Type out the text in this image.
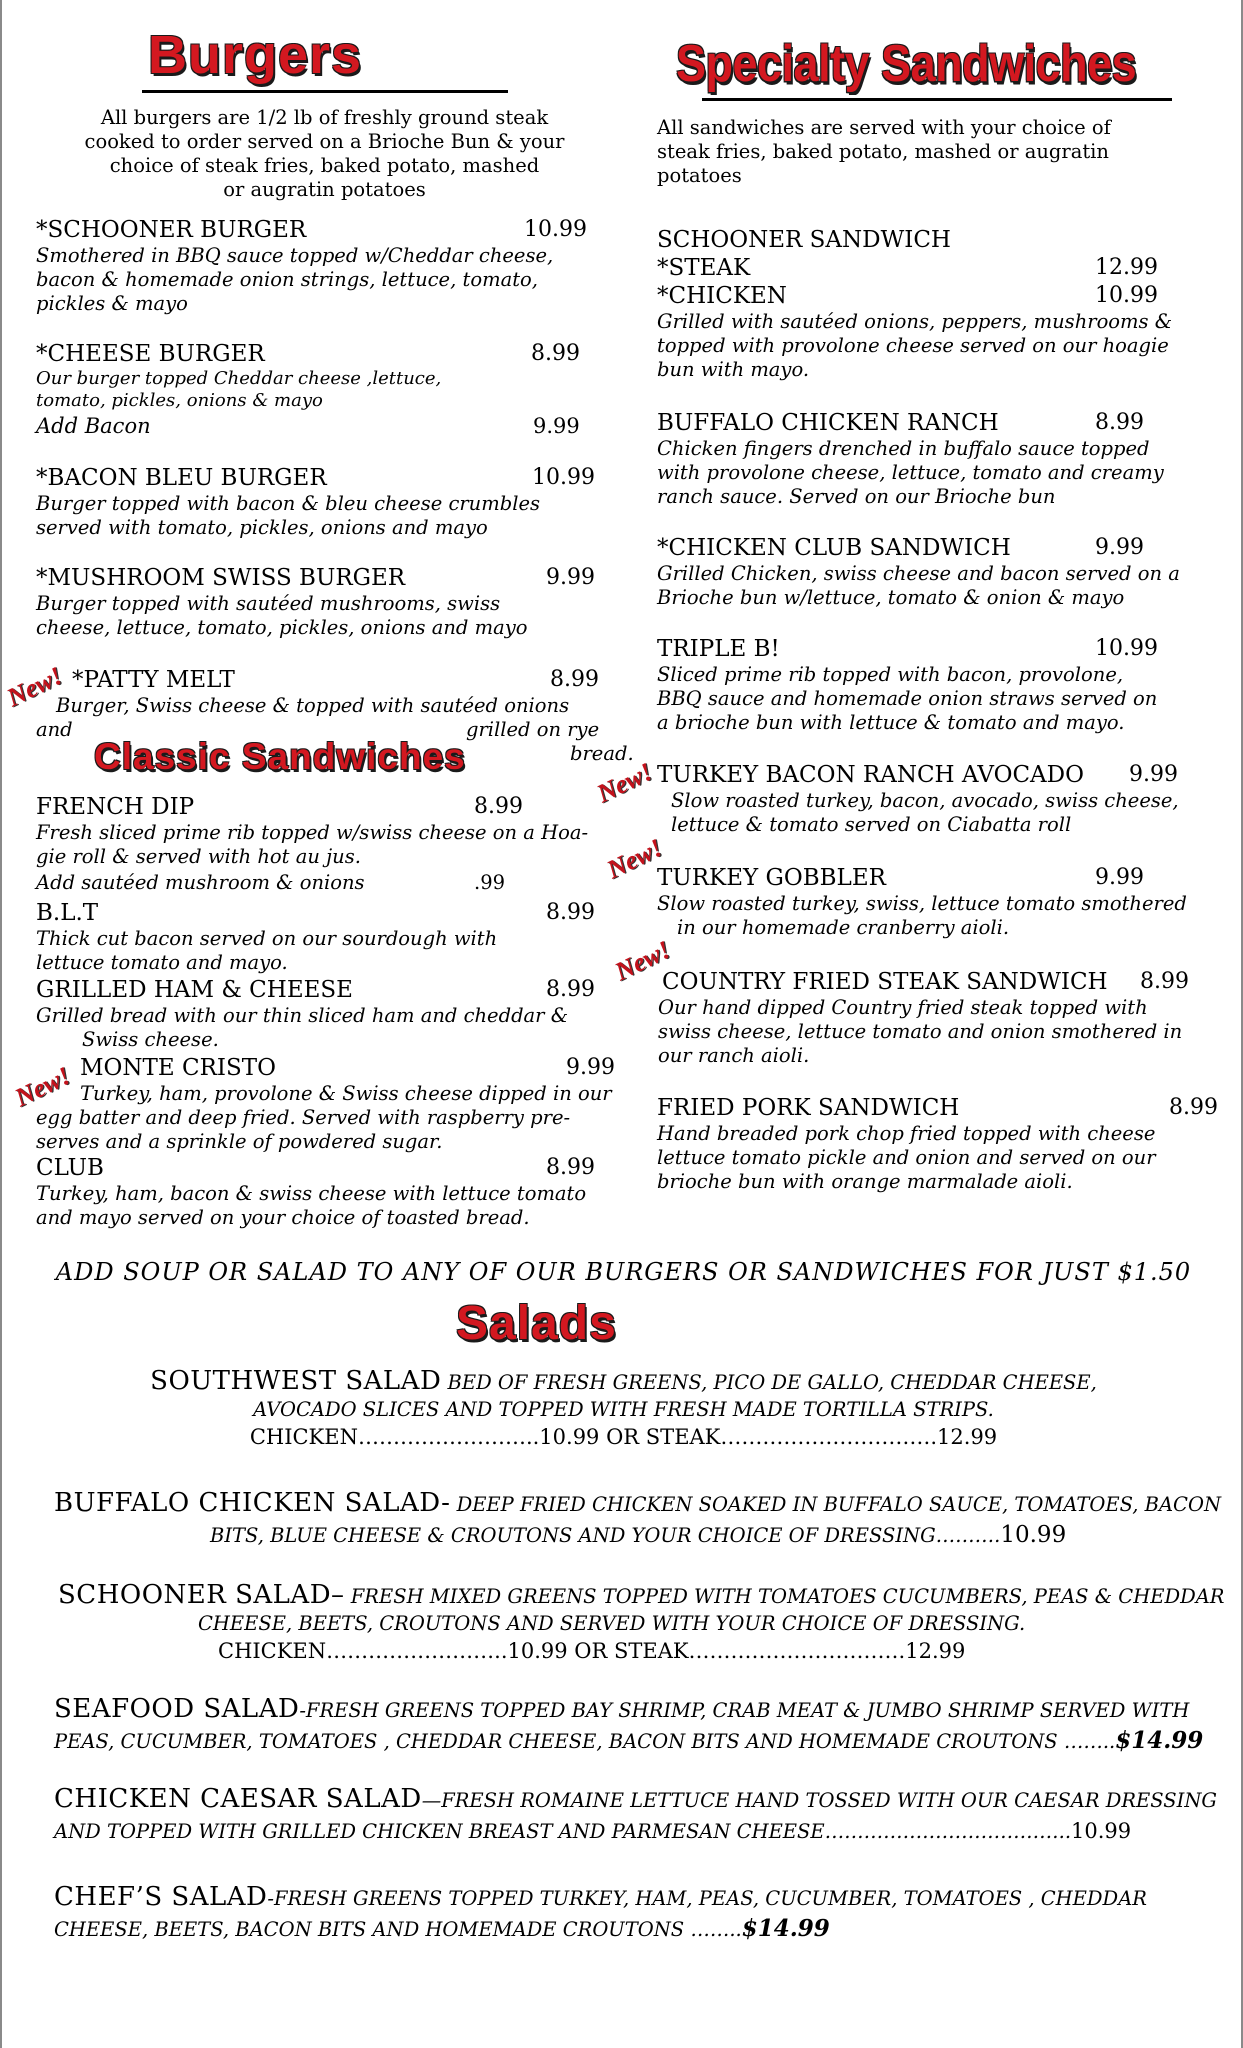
Burgers
All burgers are 1/2 lb of freshly ground steak
cooked to order served on a Brioche Bun & your
choice of steak fries, baked potato, mashed
or augratin potatoes
*SCHOONER BURGER	10.99
Smothered in BBQ sauce topped w/Cheddar cheese,
bacon & homemade onion strings, lettuce, tomato,
pickles & mayo
*CHEESE BURGER	8.99
Our burger topped Cheddar cheese ,lettuce,
tomato, pickles, onions & mayo
Add Bacon	9.99
*BACON BLEU BURGER	10.99
Burger topped with bacon & bleu cheese crumbles
served with tomato, pickles, onions and mayo
*MUSHROOM SWISS BURGER	9.99
Burger topped with sautéed mushrooms, swiss
cheese, lettuce, tomato, pickles, onions and mayo
New! *PATTY MELT	8.99
Burger, Swiss cheese & topped with sautéed onions
and	grilled on rye
bread.
Classic Sandwiches
FRENCH DIP	8.99
Fresh sliced prime rib topped w/swiss cheese on a Hoa-
gie roll & served with hot au jus.
Add sautéed mushroom & onions	.99
B.L.T	8.99
Thick cut bacon served on our sourdough with
lettuce tomato and mayo.
GRILLED HAM & CHEESE	8.99
Grilled bread with our thin sliced ham and cheddar &
Swiss cheese.
New! MONTE CRISTO	9.99
Turkey, ham, provolone & Swiss cheese dipped in our
egg batter and deep fried. Served with raspberry pre-
serves and a sprinkle of powdered sugar.
CLUB	8.99
Turkey, ham, bacon & swiss cheese with lettuce tomato
and mayo served on your choice of toasted bread.
Specialty Sandwiches
All sandwiches are served with your choice of
steak fries, baked potato, mashed or augratin
potatoes
SCHOONER SANDWICH
*STEAK	12.99
*CHICKEN	10.99
Grilled with sautéed onions, peppers, mushrooms &
topped with provolone cheese served on our hoagie
bun with mayo.
BUFFALO CHICKEN RANCH	8.99
Chicken fingers drenched in buffalo sauce topped
with provolone cheese, lettuce, tomato and creamy
ranch sauce. Served on our Brioche bun
*CHICKEN CLUB SANDWICH	9.99
Grilled Chicken, swiss cheese and bacon served on a
Brioche bun w/lettuce, tomato & onion & mayo
TRIPLE B!	10.99
Sliced prime rib topped with bacon, provolone,
BBQ sauce and homemade onion straws served on
a brioche bun with lettuce & tomato and mayo.
New! TURKEY BACON RANCH AVOCADO 9.99
Slow roasted turkey, bacon, avocado, swiss cheese,
lettuce & tomato served on Ciabatta roll
New!
TURKEY GOBBLER	9.99
Slow roasted turkey, swiss, lettuce tomato smothered
in our homemade cranberry aioli.
New!
COUNTRY FRIED STEAK SANDWICH 8.99
Our hand dipped Country fried steak topped with
swiss cheese, lettuce tomato and onion smothered in
our ranch aioli.
FRIED PORK SANDWICH	8.99
Hand breaded pork chop fried topped with cheese
lettuce tomato pickle and onion and served on our
brioche bun with orange marmalade aioli.
ADD SOUP OR SALAD TO ANY OF OUR BURGERS OR SANDWICHES FOR JUST $1.50
Salads
SOUTHWEST SALAD BED OF FRESH GREENS, PICO DE GALLO, CHEDDAR CHEESE,
AVOCADO SLICES AND TOPPED WITH FRESH MADE TORTILLA STRIPS.
CHICKEN……………………..10.99 OR STEAK………………………….12.99
BUFFALO CHICKEN SALAD- DEEP FRIED CHICKEN SOAKED IN BUFFALO SAUCE, TOMATOES, BACON
BITS, BLUE CHEESE & CROUTONS AND YOUR CHOICE OF DRESSING……….10.99
SCHOONER SALAD– FRESH MIXED GREENS TOPPED WITH TOMATOES CUCUMBERS, PEAS & CHEDDAR
CHEESE, BEETS, CROUTONS AND SERVED WITH YOUR CHOICE OF DRESSING.
CHICKEN……………………..10.99 OR STEAK………………………….12.99
SEAFOOD SALAD-FRESH GREENS TOPPED BAY SHRIMP, CRAB MEAT & JUMBO SHRIMP SERVED WITH
PEAS, CUCUMBER, TOMATOES , CHEDDAR CHEESE, BACON BITS AND HOMEMADE CROUTONS ……..$14.99
CHICKEN CAESAR SALAD—FRESH ROMAINE LETTUCE HAND TOSSED WITH OUR CAESAR DRESSING
AND TOPPED WITH GRILLED CHICKEN BREAST AND PARMESAN CHEESE………………………………..10.99
CHEF’S SALAD-FRESH GREENS TOPPED TURKEY, HAM, PEAS, CUCUMBER, TOMATOES , CHEDDAR
CHEESE, BEETS, BACON BITS AND HOMEMADE CROUTONS ……..$14.99
